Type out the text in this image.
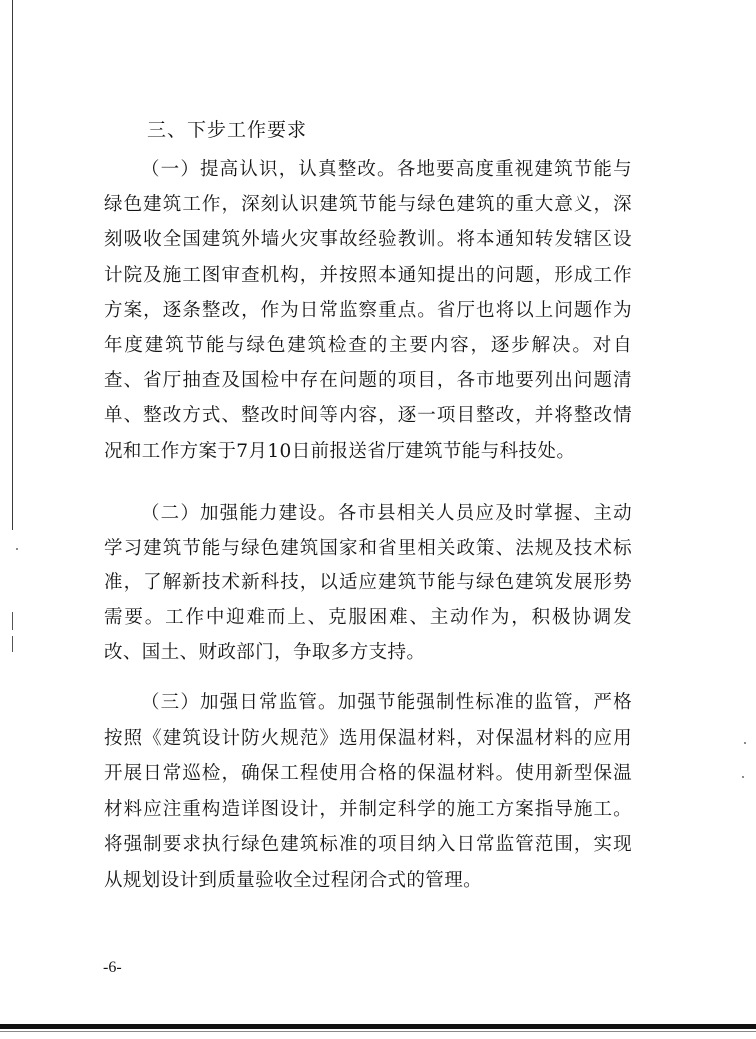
三、下步工作要求

（一）提高认识，认真整改。各地要高度重视建筑节能与绿色建筑工作，深刻认识建筑节能与绿色建筑的重大意义，深刻吸收全国建筑外墙火灾事故经验教训。将本通知转发辖区设计院及施工图审查机构，并按照本通知提出的问题，形成工作方案，逐条整改，作为日常监察重点。省厅也将以上问题作为年度建筑节能与绿色建筑检查的主要内容，逐步解决。对自查、省厅抽查及国检中存在问题的项目，各市地要列出问题清单、整改方式、整改时间等内容，逐一项目整改，并将整改情况和工作方案于7月10日前报送省厅建筑节能与科技处。

（二）加强能力建设。各市县相关人员应及时掌握、主动学习建筑节能与绿色建筑国家和省里相关政策、法规及技术标准，了解新技术新科技，以适应建筑节能与绿色建筑发展形势需要。工作中迎难而上、克服困难、主动作为，积极协调发改、国土、财政部门，争取多方支持。

（三）加强日常监管。加强节能强制性标准的监管，严格按照《建筑设计防火规范》选用保温材料，对保温材料的应用开展日常巡检，确保工程使用合格的保温材料。使用新型保温材料应注重构造详图设计，并制定科学的施工方案指导施工。将强制要求执行绿色建筑标准的项目纳入日常监管范围，实现从规划设计到质量验收全过程闭合式的管理。

-6-
